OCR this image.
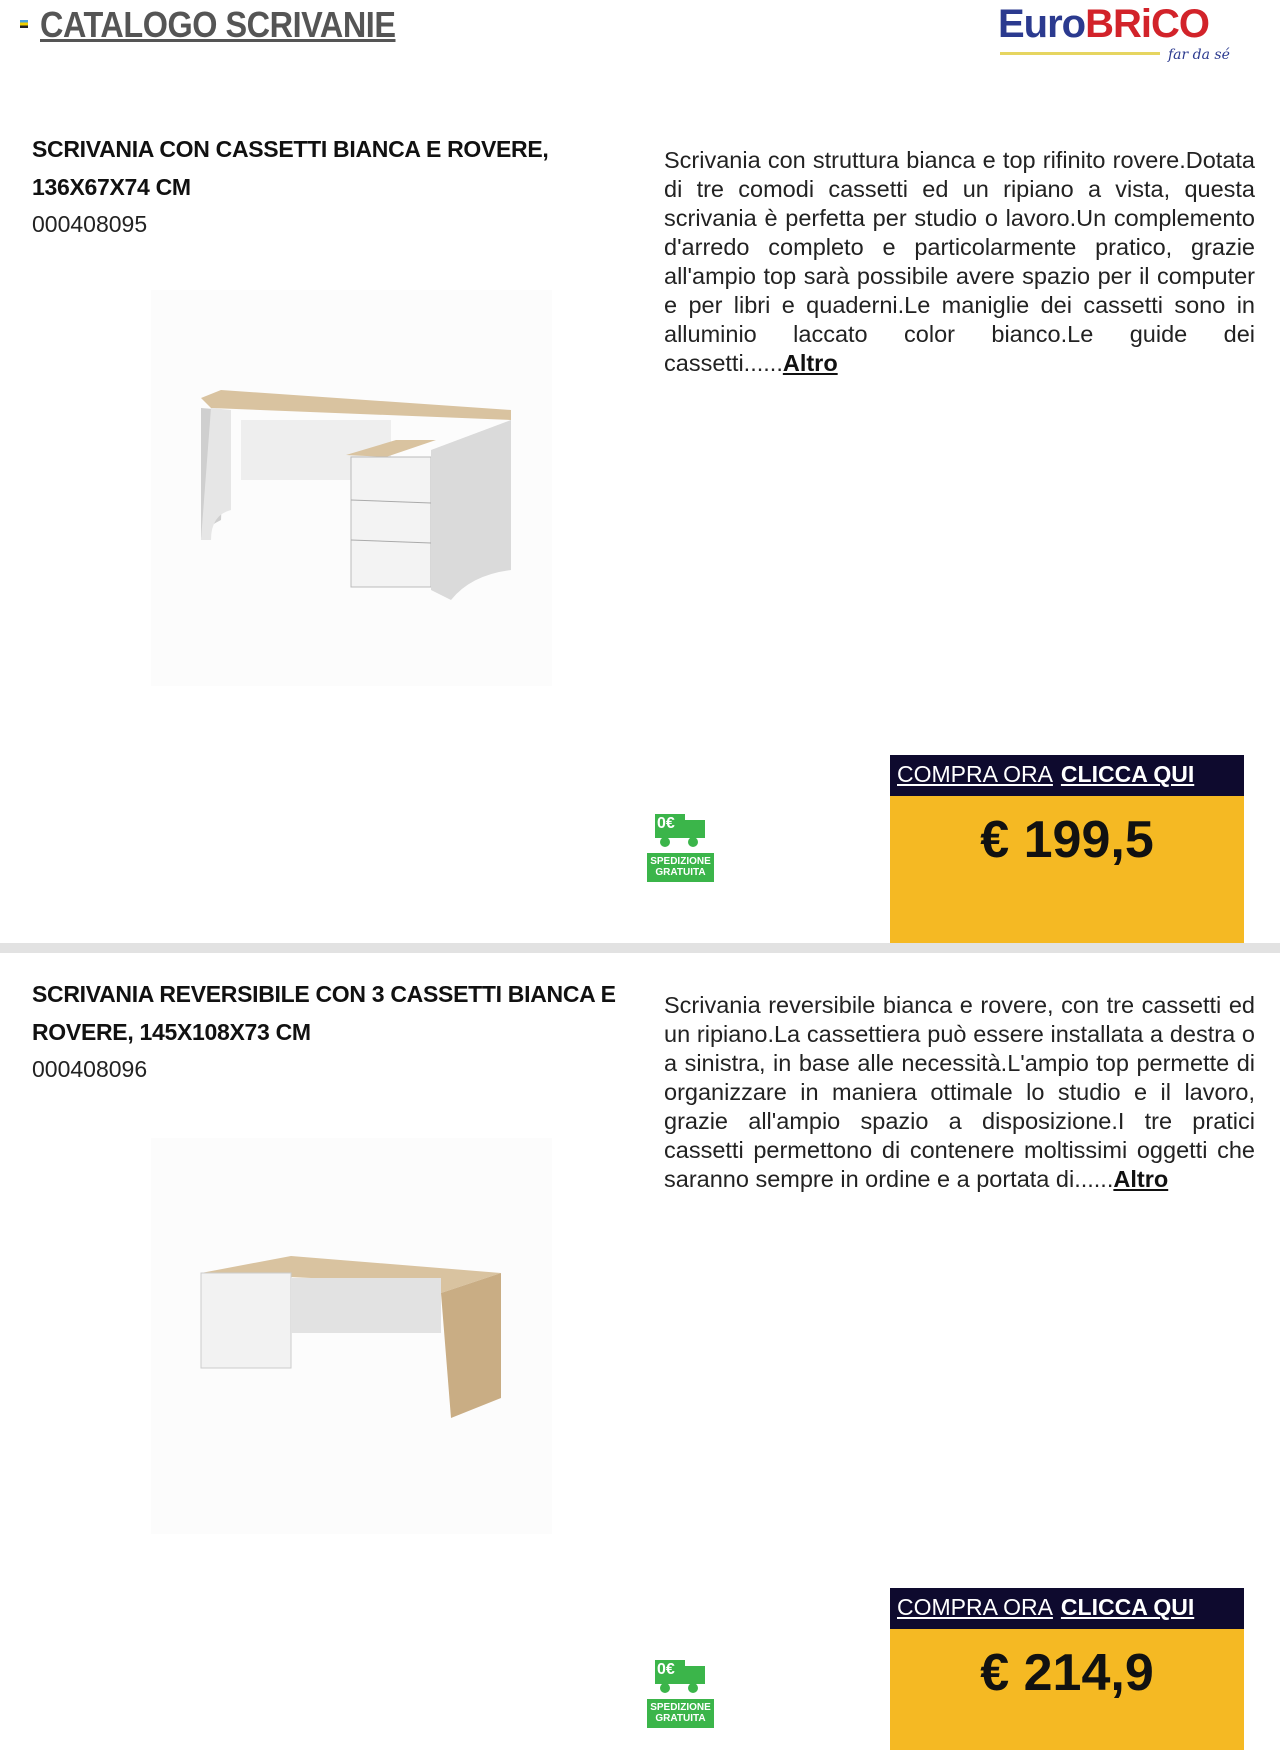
CATALOGO SCRIVANIE	EuroBRiCO
far da sé
SCRIVANIA CON CASSETTI BIANCA E ROVERE, 136X67X74 CM
000408095
Scrivania con struttura bianca e top rifinito rovere.Dotata di tre comodi cassetti ed un ripiano a vista, questa scrivania è perfetta per studio o lavoro.Un complemento d'arredo completo e particolarmente pratico, grazie all'ampio top sarà possibile avere spazio per il computer e per libri e quaderni.Le maniglie dei cassetti sono in alluminio laccato color bianco.Le guide dei cassetti......Altro
0€
SPEDIZIONE
GRATUITA
COMPRA ORA CLICCA QUI
€ 199,5
SCRIVANIA REVERSIBILE CON 3 CASSETTI BIANCA E ROVERE, 145X108X73 CM
000408096
Scrivania reversibile bianca e rovere, con tre cassetti ed un ripiano.La cassettiera può essere installata a destra o a sinistra, in base alle necessità.L'ampio top permette di organizzare in maniera ottimale lo studio e il lavoro, grazie all'ampio spazio a disposizione.I tre pratici cassetti permettono di contenere moltissimi oggetti che saranno sempre in ordine e a portata di......Altro
0€
SPEDIZIONE
GRATUITA
COMPRA ORA CLICCA QUI
€ 214,9
